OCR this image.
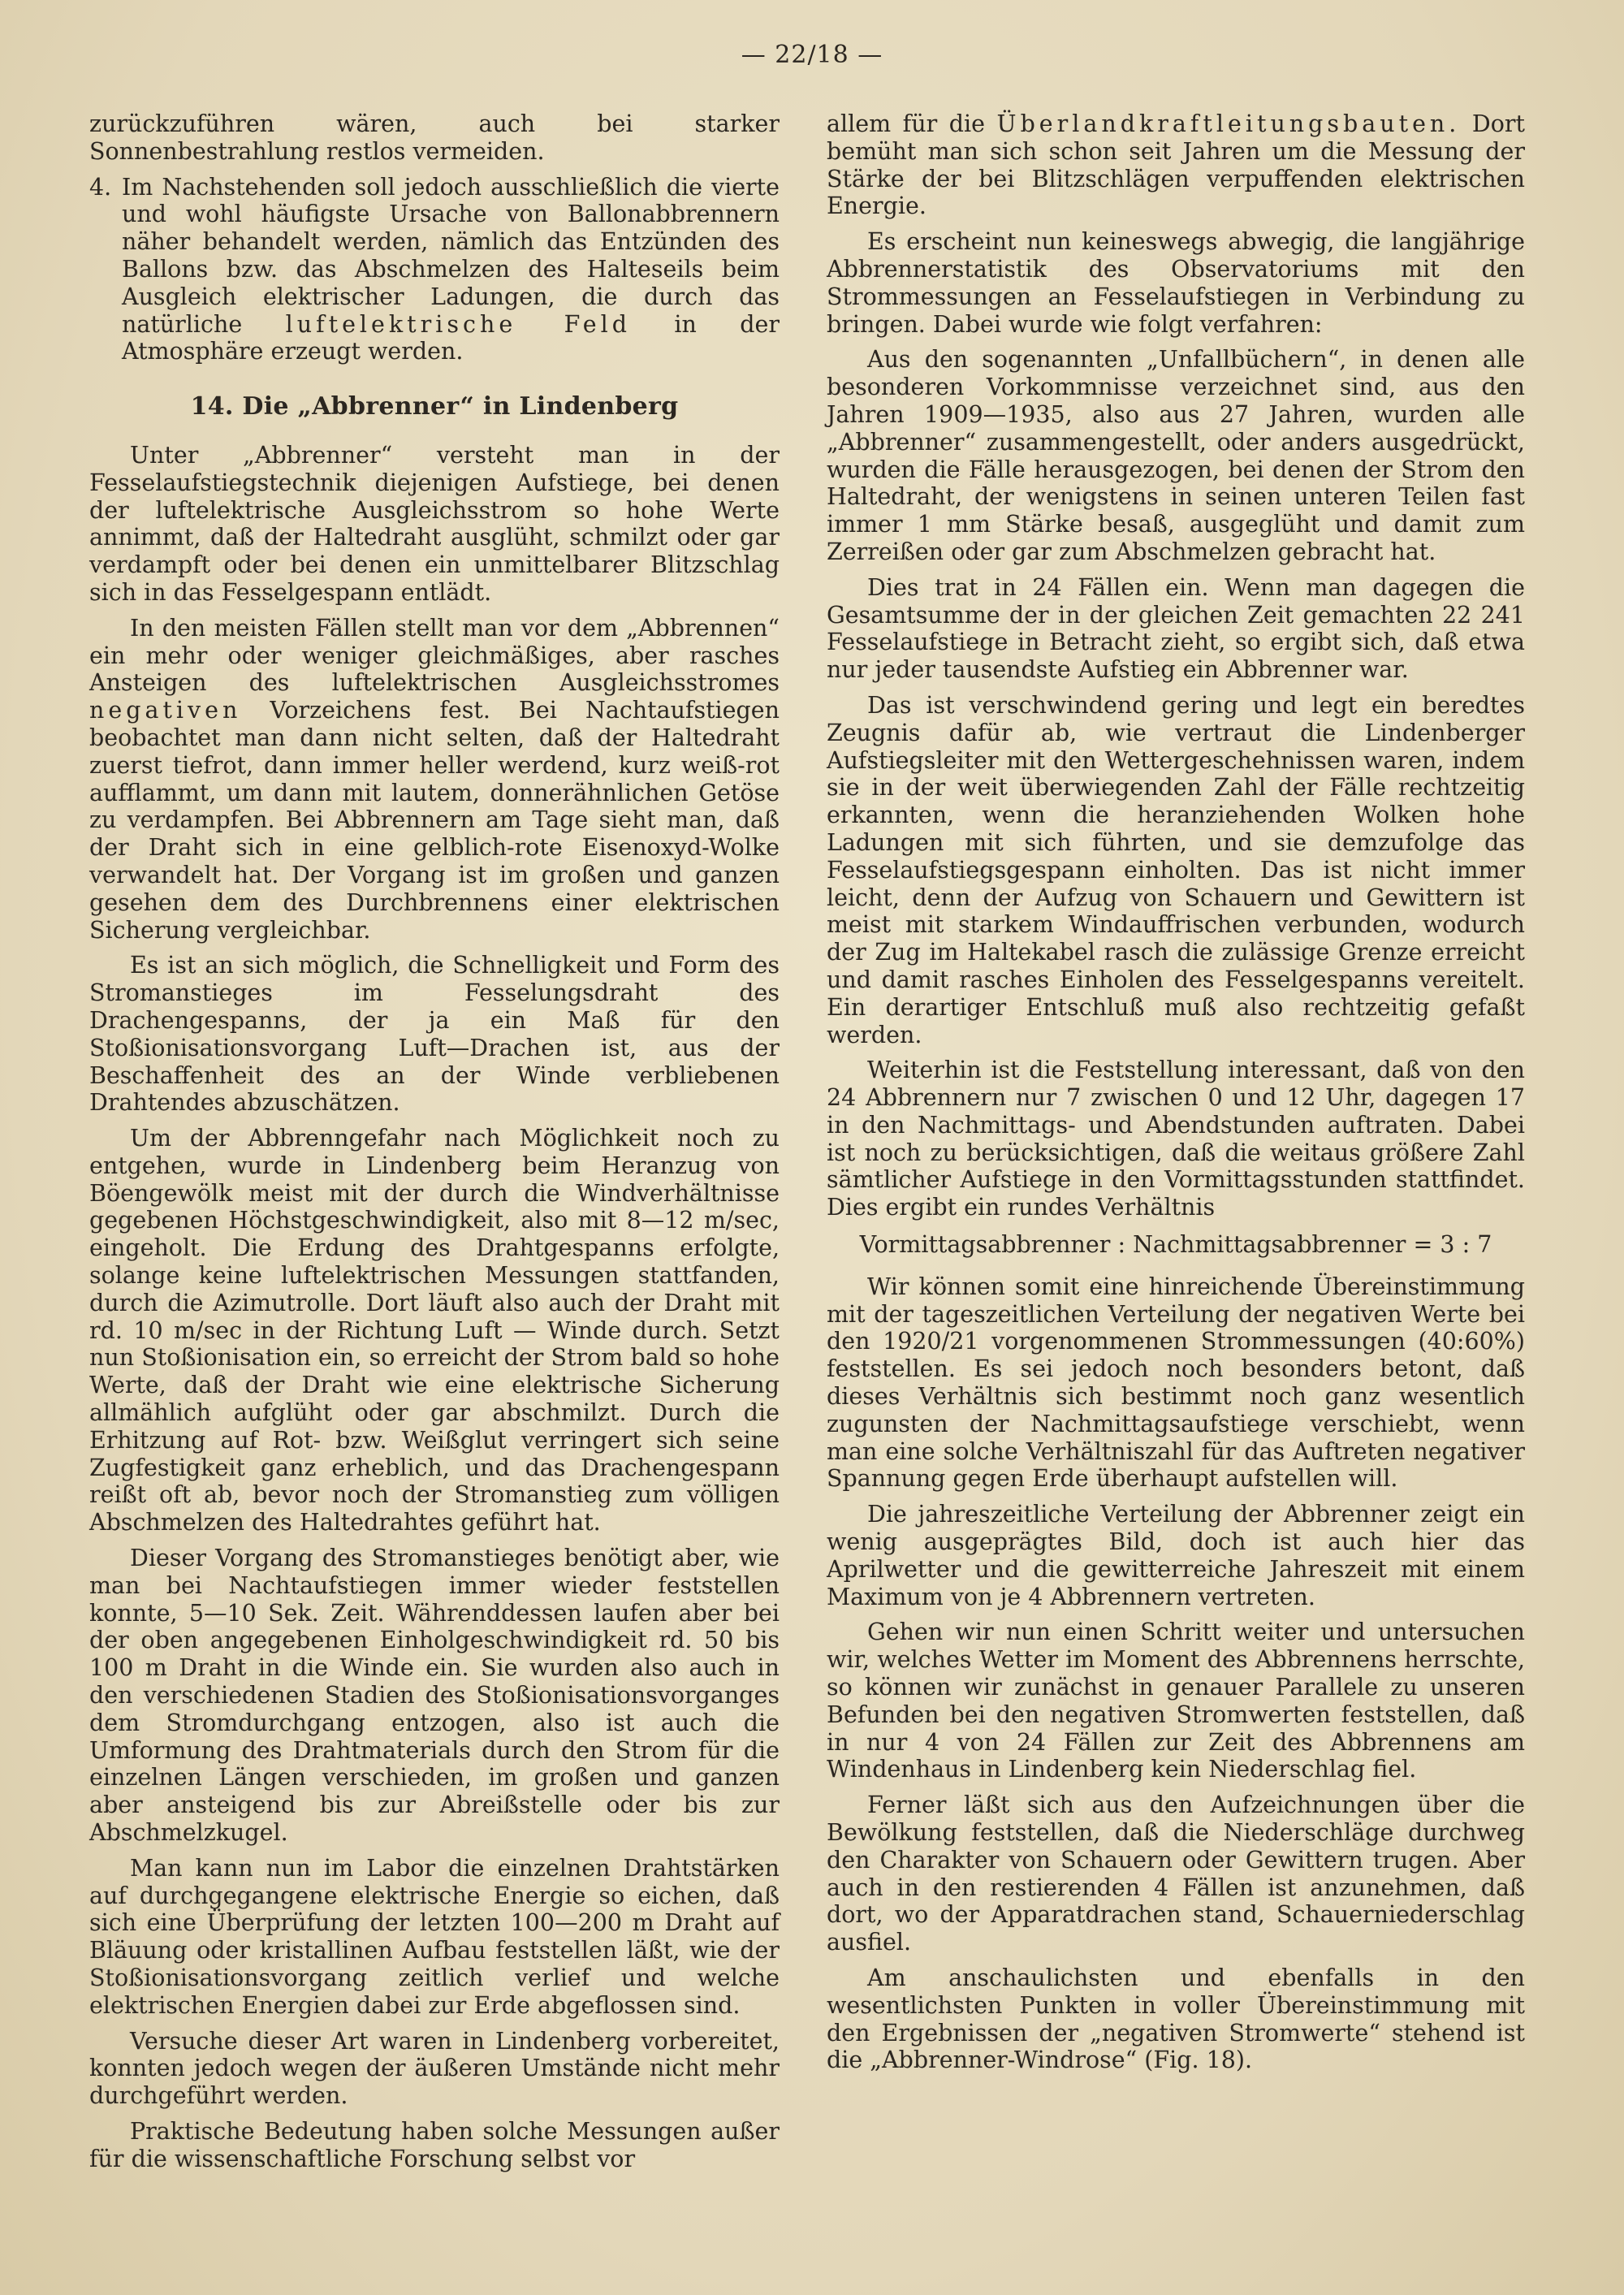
— 22/18 —

zurückzuführen wären, auch bei starker Sonnenbestrahlung restlos vermeiden.

4. Im Nachstehenden soll jedoch ausschließlich die vierte und wohl häufigste Ursache von Ballonabbrennern näher behandelt werden, nämlich das Entzünden des Ballons bzw. das Abschmelzen des Halteseils beim Ausgleich elektrischer Ladungen, die durch das natürliche luftelektrische Feld in der Atmosphäre erzeugt werden.
14. Die „Abbrenner“ in Lindenberg

Unter „Abbrenner“ versteht man in der Fesselaufstiegstechnik diejenigen Aufstiege, bei denen der luftelektrische Ausgleichsstrom so hohe Werte annimmt, daß der Haltedraht ausglüht, schmilzt oder gar verdampft oder bei denen ein unmittelbarer Blitzschlag sich in das Fesselgespann entlädt.

In den meisten Fällen stellt man vor dem „Abbrennen“ ein mehr oder weniger gleichmäßiges, aber rasches Ansteigen des luftelektrischen Ausgleichsstromes negativen Vorzeichens fest. Bei Nachtaufstiegen beobachtet man dann nicht selten, daß der Haltedraht zuerst tiefrot, dann immer heller werdend, kurz weiß-rot aufflammt, um dann mit lautem, donnerähnlichen Getöse zu verdampfen. Bei Abbrennern am Tage sieht man, daß der Draht sich in eine gelblich-rote Eisenoxyd-Wolke verwandelt hat. Der Vorgang ist im großen und ganzen gesehen dem des Durchbrennens einer elektrischen Sicherung vergleichbar.

Es ist an sich möglich, die Schnelligkeit und Form des Stromanstieges im Fesselungsdraht des Drachengespanns, der ja ein Maß für den Stoßionisationsvorgang Luft—Drachen ist, aus der Beschaffenheit des an der Winde verbliebenen Drahtendes abzuschätzen.

Um der Abbrenngefahr nach Möglichkeit noch zu entgehen, wurde in Lindenberg beim Heranzug von Böengewölk meist mit der durch die Windverhältnisse gegebenen Höchstgeschwindigkeit, also mit 8—12 m/sec, eingeholt. Die Erdung des Drahtgespanns erfolgte, solange keine luftelektrischen Messungen stattfanden, durch die Azimutrolle. Dort läuft also auch der Draht mit rd. 10 m/sec in der Richtung Luft — Winde durch. Setzt nun Stoßionisation ein, so erreicht der Strom bald so hohe Werte, daß der Draht wie eine elektrische Sicherung allmählich aufglüht oder gar abschmilzt. Durch die Erhitzung auf Rot- bzw. Weißglut verringert sich seine Zugfestigkeit ganz erheblich, und das Drachengespann reißt oft ab, bevor noch der Stromanstieg zum völligen Abschmelzen des Haltedrahtes geführt hat.

Dieser Vorgang des Stromanstieges benötigt aber, wie man bei Nachtaufstiegen immer wieder feststellen konnte, 5—10 Sek. Zeit. Währenddessen laufen aber bei der oben angegebenen Einholgeschwindigkeit rd. 50 bis 100 m Draht in die Winde ein. Sie wurden also auch in den verschiedenen Stadien des Stoßionisationsvorganges dem Stromdurchgang entzogen, also ist auch die Umformung des Drahtmaterials durch den Strom für die einzelnen Längen verschieden, im großen und ganzen aber ansteigend bis zur Abreißstelle oder bis zur Abschmelzkugel.

Man kann nun im Labor die einzelnen Drahtstärken auf durchgegangene elektrische Energie so eichen, daß sich eine Überprüfung der letzten 100—200 m Draht auf Bläuung oder kristallinen Aufbau feststellen läßt, wie der Stoßionisationsvorgang zeitlich verlief und welche elektrischen Energien dabei zur Erde abgeflossen sind.

Versuche dieser Art waren in Lindenberg vorbereitet, konnten jedoch wegen der äußeren Umstände nicht mehr durchgeführt werden.

Praktische Bedeutung haben solche Messungen außer für die wissenschaftliche Forschung selbst vor

allem für die Überlandkraftleitungsbauten. Dort bemüht man sich schon seit Jahren um die Messung der Stärke der bei Blitzschlägen verpuffenden elektrischen Energie.

Es erscheint nun keineswegs abwegig, die langjährige Abbrennerstatistik des Observatoriums mit den Strommessungen an Fesselaufstiegen in Verbindung zu bringen. Dabei wurde wie folgt verfahren:

Aus den sogenannten „Unfallbüchern“, in denen alle besonderen Vorkommnisse verzeichnet sind, aus den Jahren 1909—1935, also aus 27 Jahren, wurden alle „Abbrenner“ zusammengestellt, oder anders ausgedrückt, wurden die Fälle herausgezogen, bei denen der Strom den Haltedraht, der wenigstens in seinen unteren Teilen fast immer 1 mm Stärke besaß, ausgeglüht und damit zum Zerreißen oder gar zum Abschmelzen gebracht hat.

Dies trat in 24 Fällen ein. Wenn man dagegen die Gesamtsumme der in der gleichen Zeit gemachten 22 241 Fesselaufstiege in Betracht zieht, so ergibt sich, daß etwa nur jeder tausendste Aufstieg ein Abbrenner war.

Das ist verschwindend gering und legt ein beredtes Zeugnis dafür ab, wie vertraut die Lindenberger Aufstiegsleiter mit den Wettergeschehnissen waren, indem sie in der weit überwiegenden Zahl der Fälle rechtzeitig erkannten, wenn die heranziehenden Wolken hohe Ladungen mit sich führten, und sie demzufolge das Fesselaufstiegsgespann einholten. Das ist nicht immer leicht, denn der Aufzug von Schauern und Gewittern ist meist mit starkem Windauffrischen verbunden, wodurch der Zug im Haltekabel rasch die zulässige Grenze erreicht und damit rasches Einholen des Fesselgespanns vereitelt. Ein derartiger Entschluß muß also rechtzeitig gefaßt werden.

Weiterhin ist die Feststellung interessant, daß von den 24 Abbrennern nur 7 zwischen 0 und 12 Uhr, dagegen 17 in den Nachmittags- und Abendstunden auftraten. Dabei ist noch zu berücksichtigen, daß die weitaus größere Zahl sämtlicher Aufstiege in den Vormittagsstunden stattfindet. Dies ergibt ein rundes Verhältnis

Vormittagsabbrenner : Nachmittagsabbrenner = 3 : 7

Wir können somit eine hinreichende Übereinstimmung mit der tageszeitlichen Verteilung der negativen Werte bei den 1920/21 vorgenommenen Strommessungen (40:60%) feststellen. Es sei jedoch noch besonders betont, daß dieses Verhältnis sich bestimmt noch ganz wesentlich zugunsten der Nachmittagsaufstiege verschiebt, wenn man eine solche Verhältniszahl für das Auftreten negativer Spannung gegen Erde überhaupt aufstellen will.

Die jahreszeitliche Verteilung der Abbrenner zeigt ein wenig ausgeprägtes Bild, doch ist auch hier das Aprilwetter und die gewitterreiche Jahreszeit mit einem Maximum von je 4 Abbrennern vertreten.

Gehen wir nun einen Schritt weiter und untersuchen wir, welches Wetter im Moment des Abbrennens herrschte, so können wir zunächst in genauer Parallele zu unseren Befunden bei den negativen Stromwerten feststellen, daß in nur 4 von 24 Fällen zur Zeit des Abbrennens am Windenhaus in Lindenberg kein Niederschlag fiel.

Ferner läßt sich aus den Aufzeichnungen über die Bewölkung feststellen, daß die Niederschläge durchweg den Charakter von Schauern oder Gewittern trugen. Aber auch in den restierenden 4 Fällen ist anzunehmen, daß dort, wo der Apparatdrachen stand, Schauerniederschlag ausfiel.

Am anschaulichsten und ebenfalls in den wesentlichsten Punkten in voller Übereinstimmung mit den Ergebnissen der „negativen Stromwerte“ stehend ist die „Abbrenner-Windrose“ (Fig. 18).
